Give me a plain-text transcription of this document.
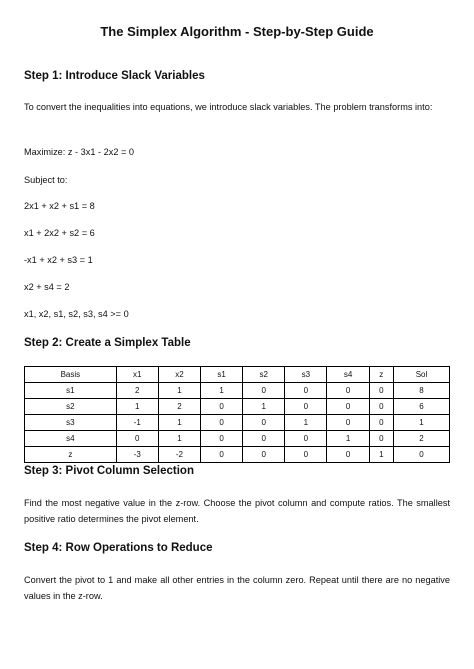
The Simplex Algorithm - Step-by-Step Guide
Step 1: Introduce Slack Variables
To convert the inequalities into equations, we introduce slack variables. The problem transforms into:
Maximize: z - 3x1 - 2x2 = 0
Subject to:
2x1 + x2 + s1 = 8
x1 + 2x2 + s2 = 6
-x1 + x2 + s3 = 1
x2 + s4 = 2
x1, x2, s1, s2, s3, s4 >= 0
Step 2: Create a Simplex Table
Basis	x1	x2	s1	s2	s3	s4	z	Sol
s1	2	1	1	0	0	0	0	8
s2	1	2	0	1	0	0	0	6
s3	-1	1	0	0	1	0	0	1
s4	0	1	0	0	0	1	0	2
z	-3	-2	0	0	0	0	1	0
Step 3: Pivot Column Selection
Find the most negative value in the z-row. Choose the pivot column and compute ratios. The smallest positive ratio determines the pivot element.
Step 4: Row Operations to Reduce
Convert the pivot to 1 and make all other entries in the column zero. Repeat until there are no negative values in the z-row.
